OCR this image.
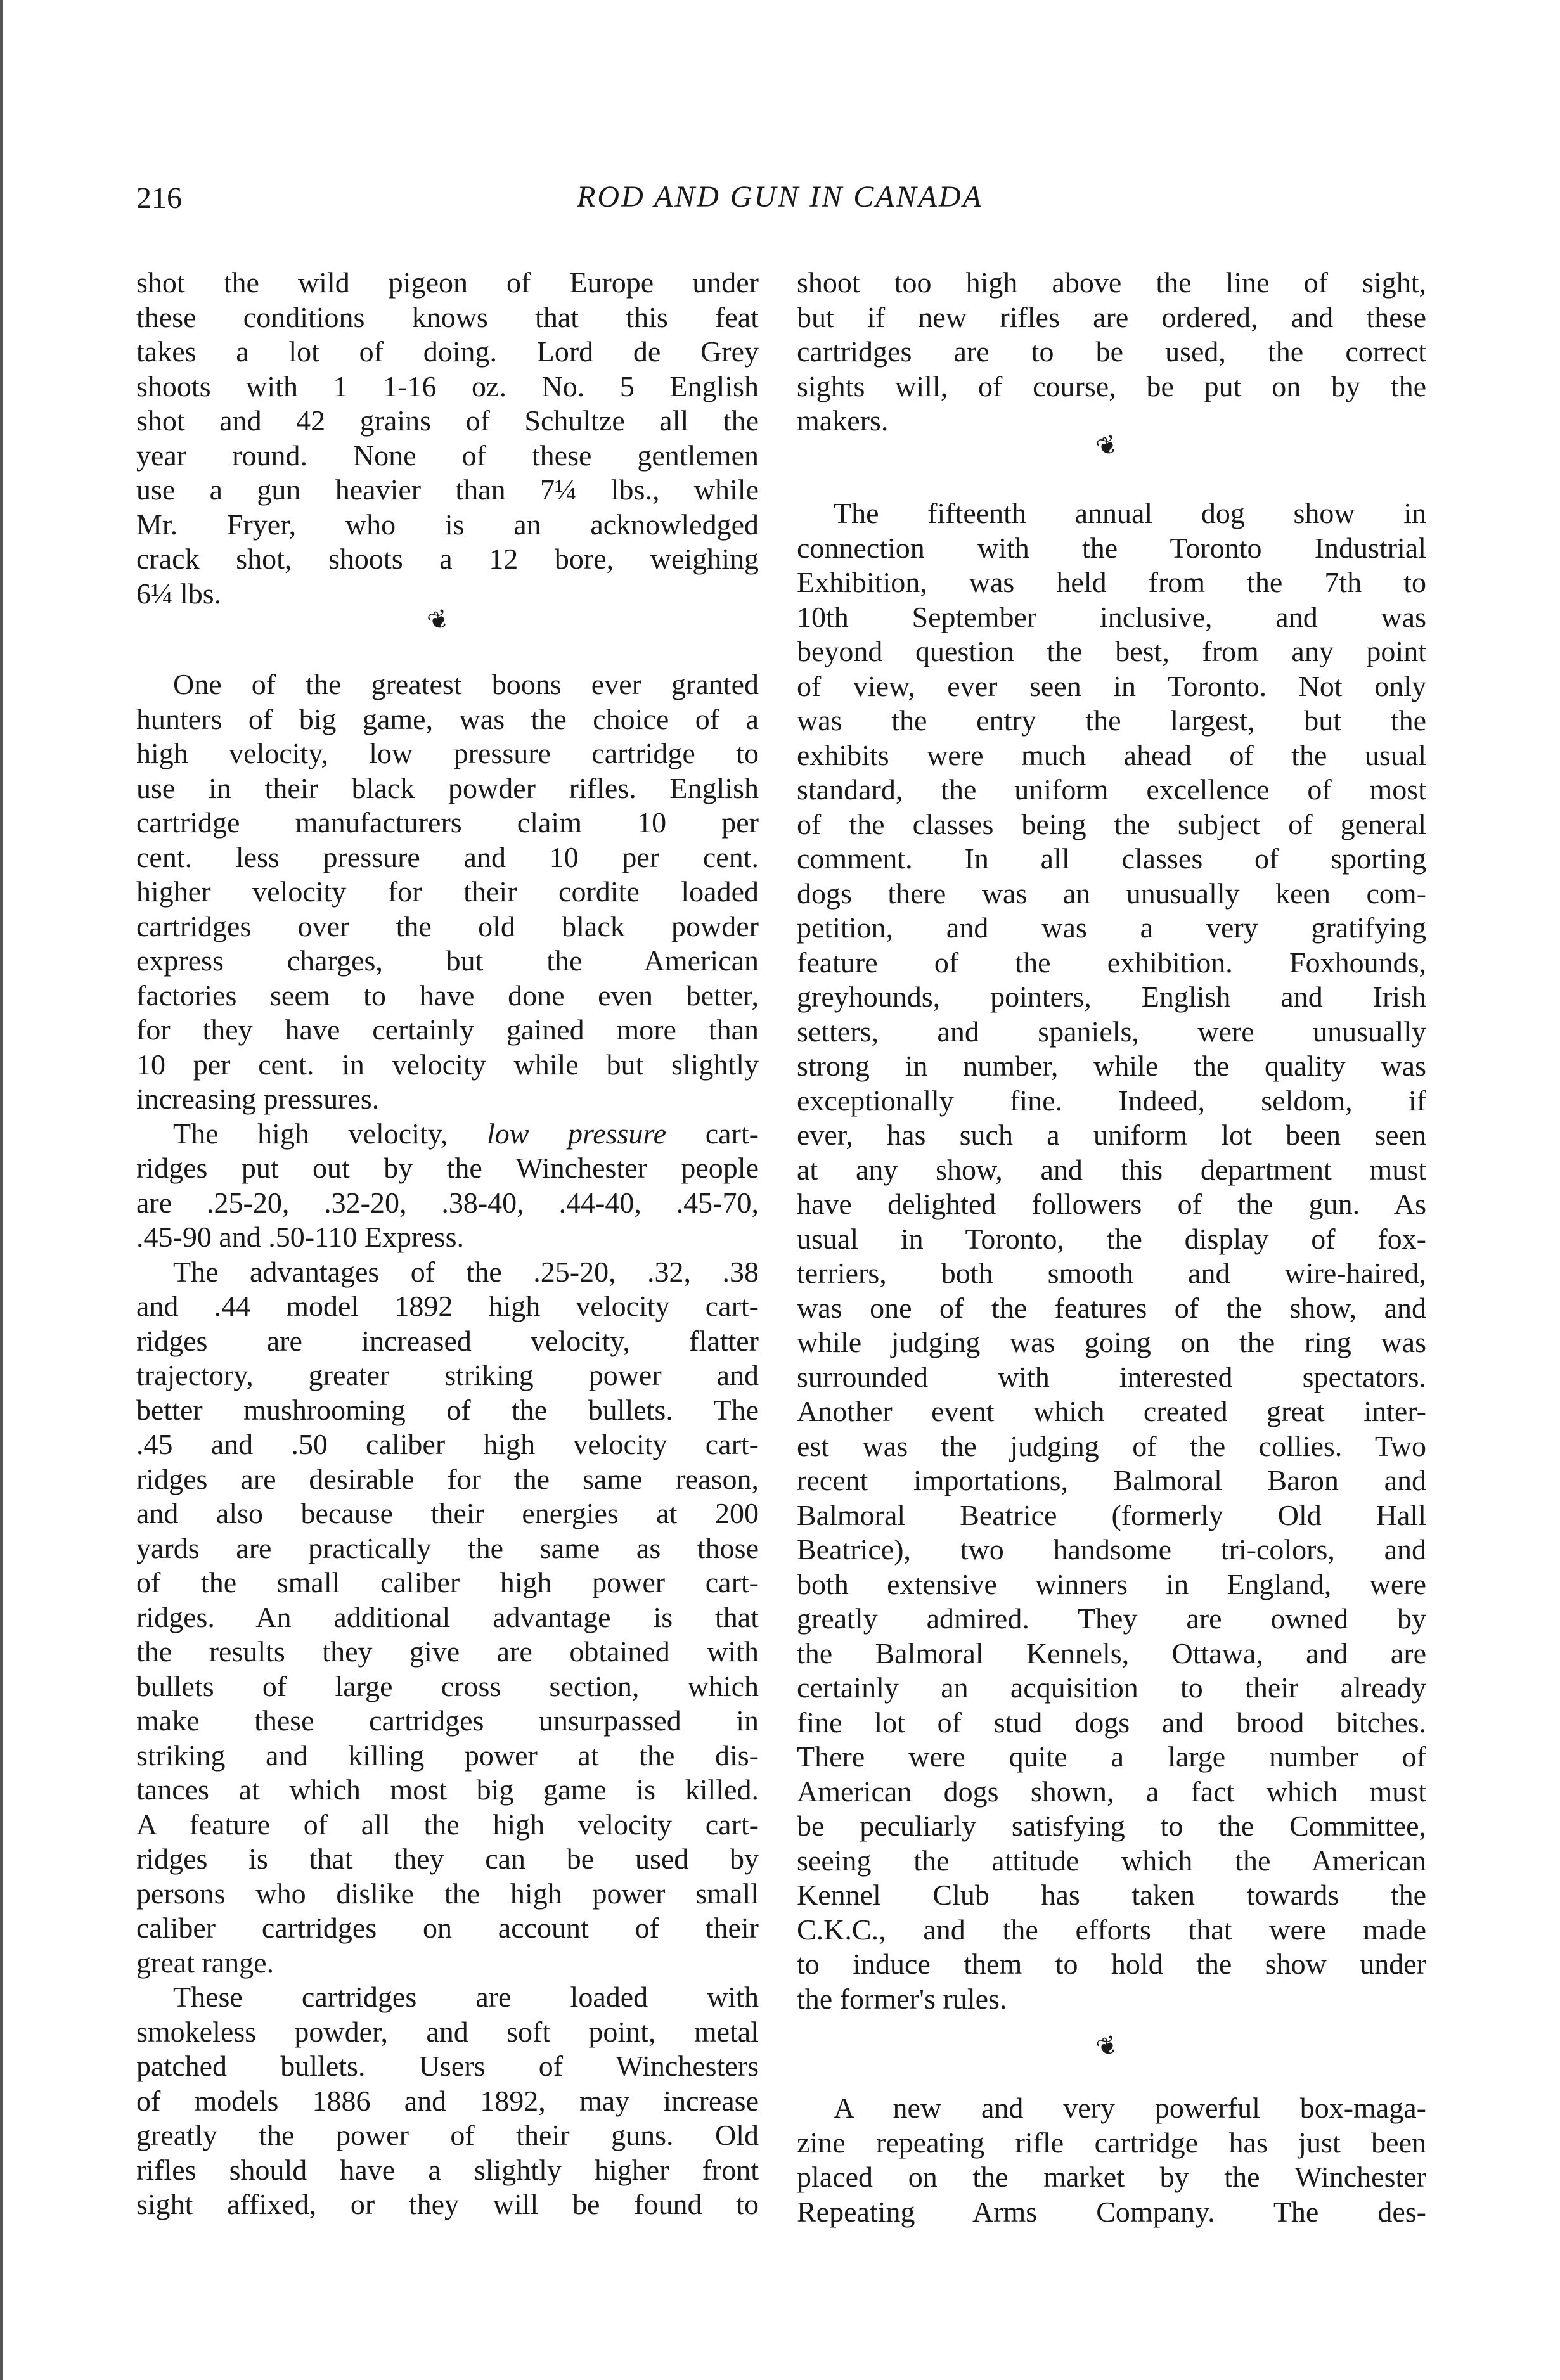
216	ROD AND GUN IN CANADA
shot the wild pigeon of Europe under
these conditions knows that this feat
takes a lot of doing. Lord de Grey
shoots with 1 1-16 oz. No. 5 English
shot and 42 grains of Schultze all the
year round. None of these gentlemen
use a gun heavier than 7¼ lbs., while
Mr. Fryer, who is an acknowledged
crack shot, shoots a 12 bore, weighing
6¼ lbs.
One of the greatest boons ever granted
hunters of big game, was the choice of a
high velocity, low pressure cartridge to
use in their black powder rifles. English
cartridge manufacturers claim 10 per
cent. less pressure and 10 per cent.
higher velocity for their cordite loaded
cartridges over the old black powder
express charges, but the American
factories seem to have done even better,
for they have certainly gained more than
10 per cent. in velocity while but slightly
increasing pressures.
The high velocity, low pressure cart-
ridges put out by the Winchester people
are .25-20, .32-20, .38-40, .44-40, .45-70,
.45-90 and .50-110 Express.
The advantages of the .25-20, .32, .38
and .44 model 1892 high velocity cart-
ridges are increased velocity, flatter
trajectory, greater striking power and
better mushrooming of the bullets. The
.45 and .50 caliber high velocity cart-
ridges are desirable for the same reason,
and also because their energies at 200
yards are practically the same as those
of the small caliber high power cart-
ridges. An additional advantage is that
the results they give are obtained with
bullets of large cross section, which
make these cartridges unsurpassed in
striking and killing power at the dis-
tances at which most big game is killed.
A feature of all the high velocity cart-
ridges is that they can be used by
persons who dislike the high power small
caliber cartridges on account of their
great range.
These cartridges are loaded with
smokeless powder, and soft point, metal
patched bullets. Users of Winchesters
of models 1886 and 1892, may increase
greatly the power of their guns. Old
rifles should have a slightly higher front
sight affixed, or they will be found to
shoot too high above the line of sight,
but if new rifles are ordered, and these
cartridges are to be used, the correct
sights will, of course, be put on by the
makers.
The fifteenth annual dog show in
connection with the Toronto Industrial
Exhibition, was held from the 7th to
10th September inclusive, and was
beyond question the best, from any point
of view, ever seen in Toronto. Not only
was the entry the largest, but the
exhibits were much ahead of the usual
standard, the uniform excellence of most
of the classes being the subject of general
comment. In all classes of sporting
dogs there was an unusually keen com-
petition, and was a very gratifying
feature of the exhibition. Foxhounds,
greyhounds, pointers, English and Irish
setters, and spaniels, were unusually
strong in number, while the quality was
exceptionally fine. Indeed, seldom, if
ever, has such a uniform lot been seen
at any show, and this department must
have delighted followers of the gun. As
usual in Toronto, the display of fox-
terriers, both smooth and wire-haired,
was one of the features of the show, and
while judging was going on the ring was
surrounded with interested spectators.
Another event which created great inter-
est was the judging of the collies. Two
recent importations, Balmoral Baron and
Balmoral Beatrice (formerly Old Hall
Beatrice), two handsome tri-colors, and
both extensive winners in England, were
greatly admired. They are owned by
the Balmoral Kennels, Ottawa, and are
certainly an acquisition to their already
fine lot of stud dogs and brood bitches.
There were quite a large number of
American dogs shown, a fact which must
be peculiarly satisfying to the Committee,
seeing the attitude which the American
Kennel Club has taken towards the
C.K.C., and the efforts that were made
to induce them to hold the show under
the former's rules.
A new and very powerful box-maga-
zine repeating rifle cartridge has just been
placed on the market by the Winchester
Repeating Arms Company. The des-
❦
❦
❦
